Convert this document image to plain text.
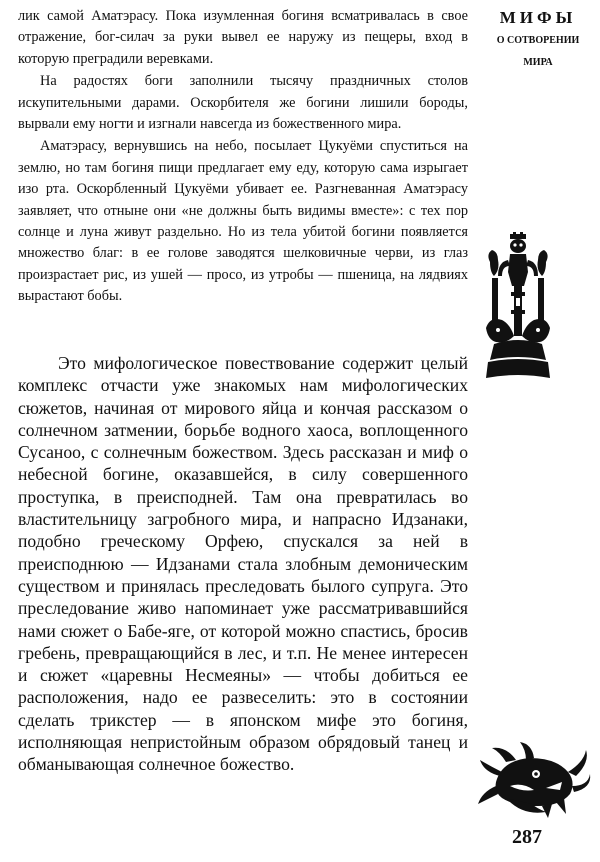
лик самой Аматэрасу. Пока изумленная богиня всматривалась в свое отражение, бог-силач за руки вывел ее наружу из пещеры, вход в которую преградили веревками.

На радостях боги заполнили тысячу праздничных столов искупительными дарами. Оскорбителя же богини лишили бороды, вырвали ему ногти и изгнали навсегда из божественного мира.

Аматэрасу, вернувшись на небо, посылает Цукуёми спуститься на землю, но там богиня пищи предлагает ему еду, которую сама изрыгает изо рта. Оскорбленный Цукуёми убивает ее. Разгневанная Аматэрасу заявляет, что отныне они «не должны быть видимы вместе»: с тех пор солнце и луна живут раздельно. Но из тела убитой богини появляется множество благ: в ее голове заводятся шелковичные черви, из глаз произрастает рис, из ушей — просо, из утробы — пшеница, на лядвиях вырастают бобы.

Это мифологическое повествование содержит целый комплекс отчасти уже знакомых нам мифологических сюжетов, начиная от мирового яйца и кончая рассказом о солнечном затмении, борьбе водного хаоса, воплощенного Сусаноо, с солнечным божеством. Здесь рассказан и миф о небесной богине, оказавшейся, в силу совершенного проступка, в преисподней. Там она превратилась во властительницу загробного мира, и напрасно Идзанаки, подобно греческому Орфею, спускался за ней в преисподнюю — Идзанами стала злобным демоническим существом и принялась преследовать былого супруга. Это преследование живо напоминает уже рассматривавшийся нами сюжет о Бабе-яге, от которой можно спастись, бросив гребень, превращающийся в лес, и т.п. Не менее интересен и сюжет «царевны Несмеяны» — чтобы добиться ее расположения, надо ее развеселить: это в состоянии сделать трикстер — в японском мифе это богиня, исполняющая непристойным образом обрядовый танец и обманывающая солнечное божество.

МИФЫ
О СОТВОРЕНИИ
МИРА
287
